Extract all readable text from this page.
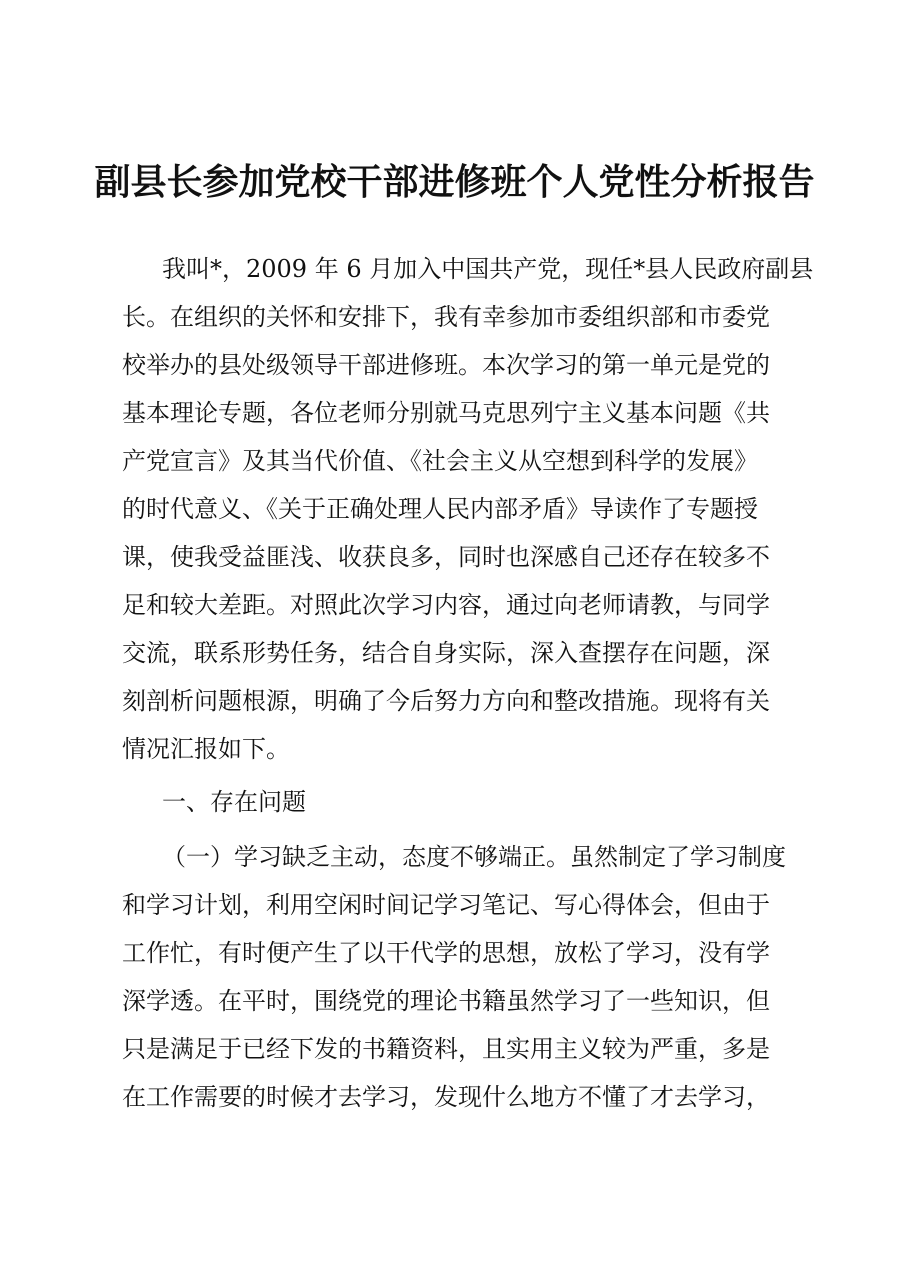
副县长参加党校干部进修班个人党性分析报告
我叫*，2009 年 6 月加入中国共产党，现任*县人民政府副县
长。在组织的关怀和安排下，我有幸参加市委组织部和市委党
校举办的县处级领导干部进修班。本次学习的第一单元是党的
基本理论专题，各位老师分别就马克思列宁主义基本问题《共
产党宣言》及其当代价值、《社会主义从空想到科学的发展》
的时代意义、《关于正确处理人民内部矛盾》导读作了专题授
课，使我受益匪浅、收获良多，同时也深感自己还存在较多不
足和较大差距。对照此次学习内容，通过向老师请教，与同学
交流，联系形势任务，结合自身实际，深入查摆存在问题，深
刻剖析问题根源，明确了今后努力方向和整改措施。现将有关
情况汇报如下。
一、存在问题
（一）学习缺乏主动，态度不够端正。虽然制定了学习制度
和学习计划，利用空闲时间记学习笔记、写心得体会，但由于
工作忙，有时便产生了以干代学的思想，放松了学习，没有学
深学透。在平时，围绕党的理论书籍虽然学习了一些知识，但
只是满足于已经下发的书籍资料，且实用主义较为严重，多是
在工作需要的时候才去学习，发现什么地方不懂了才去学习，
